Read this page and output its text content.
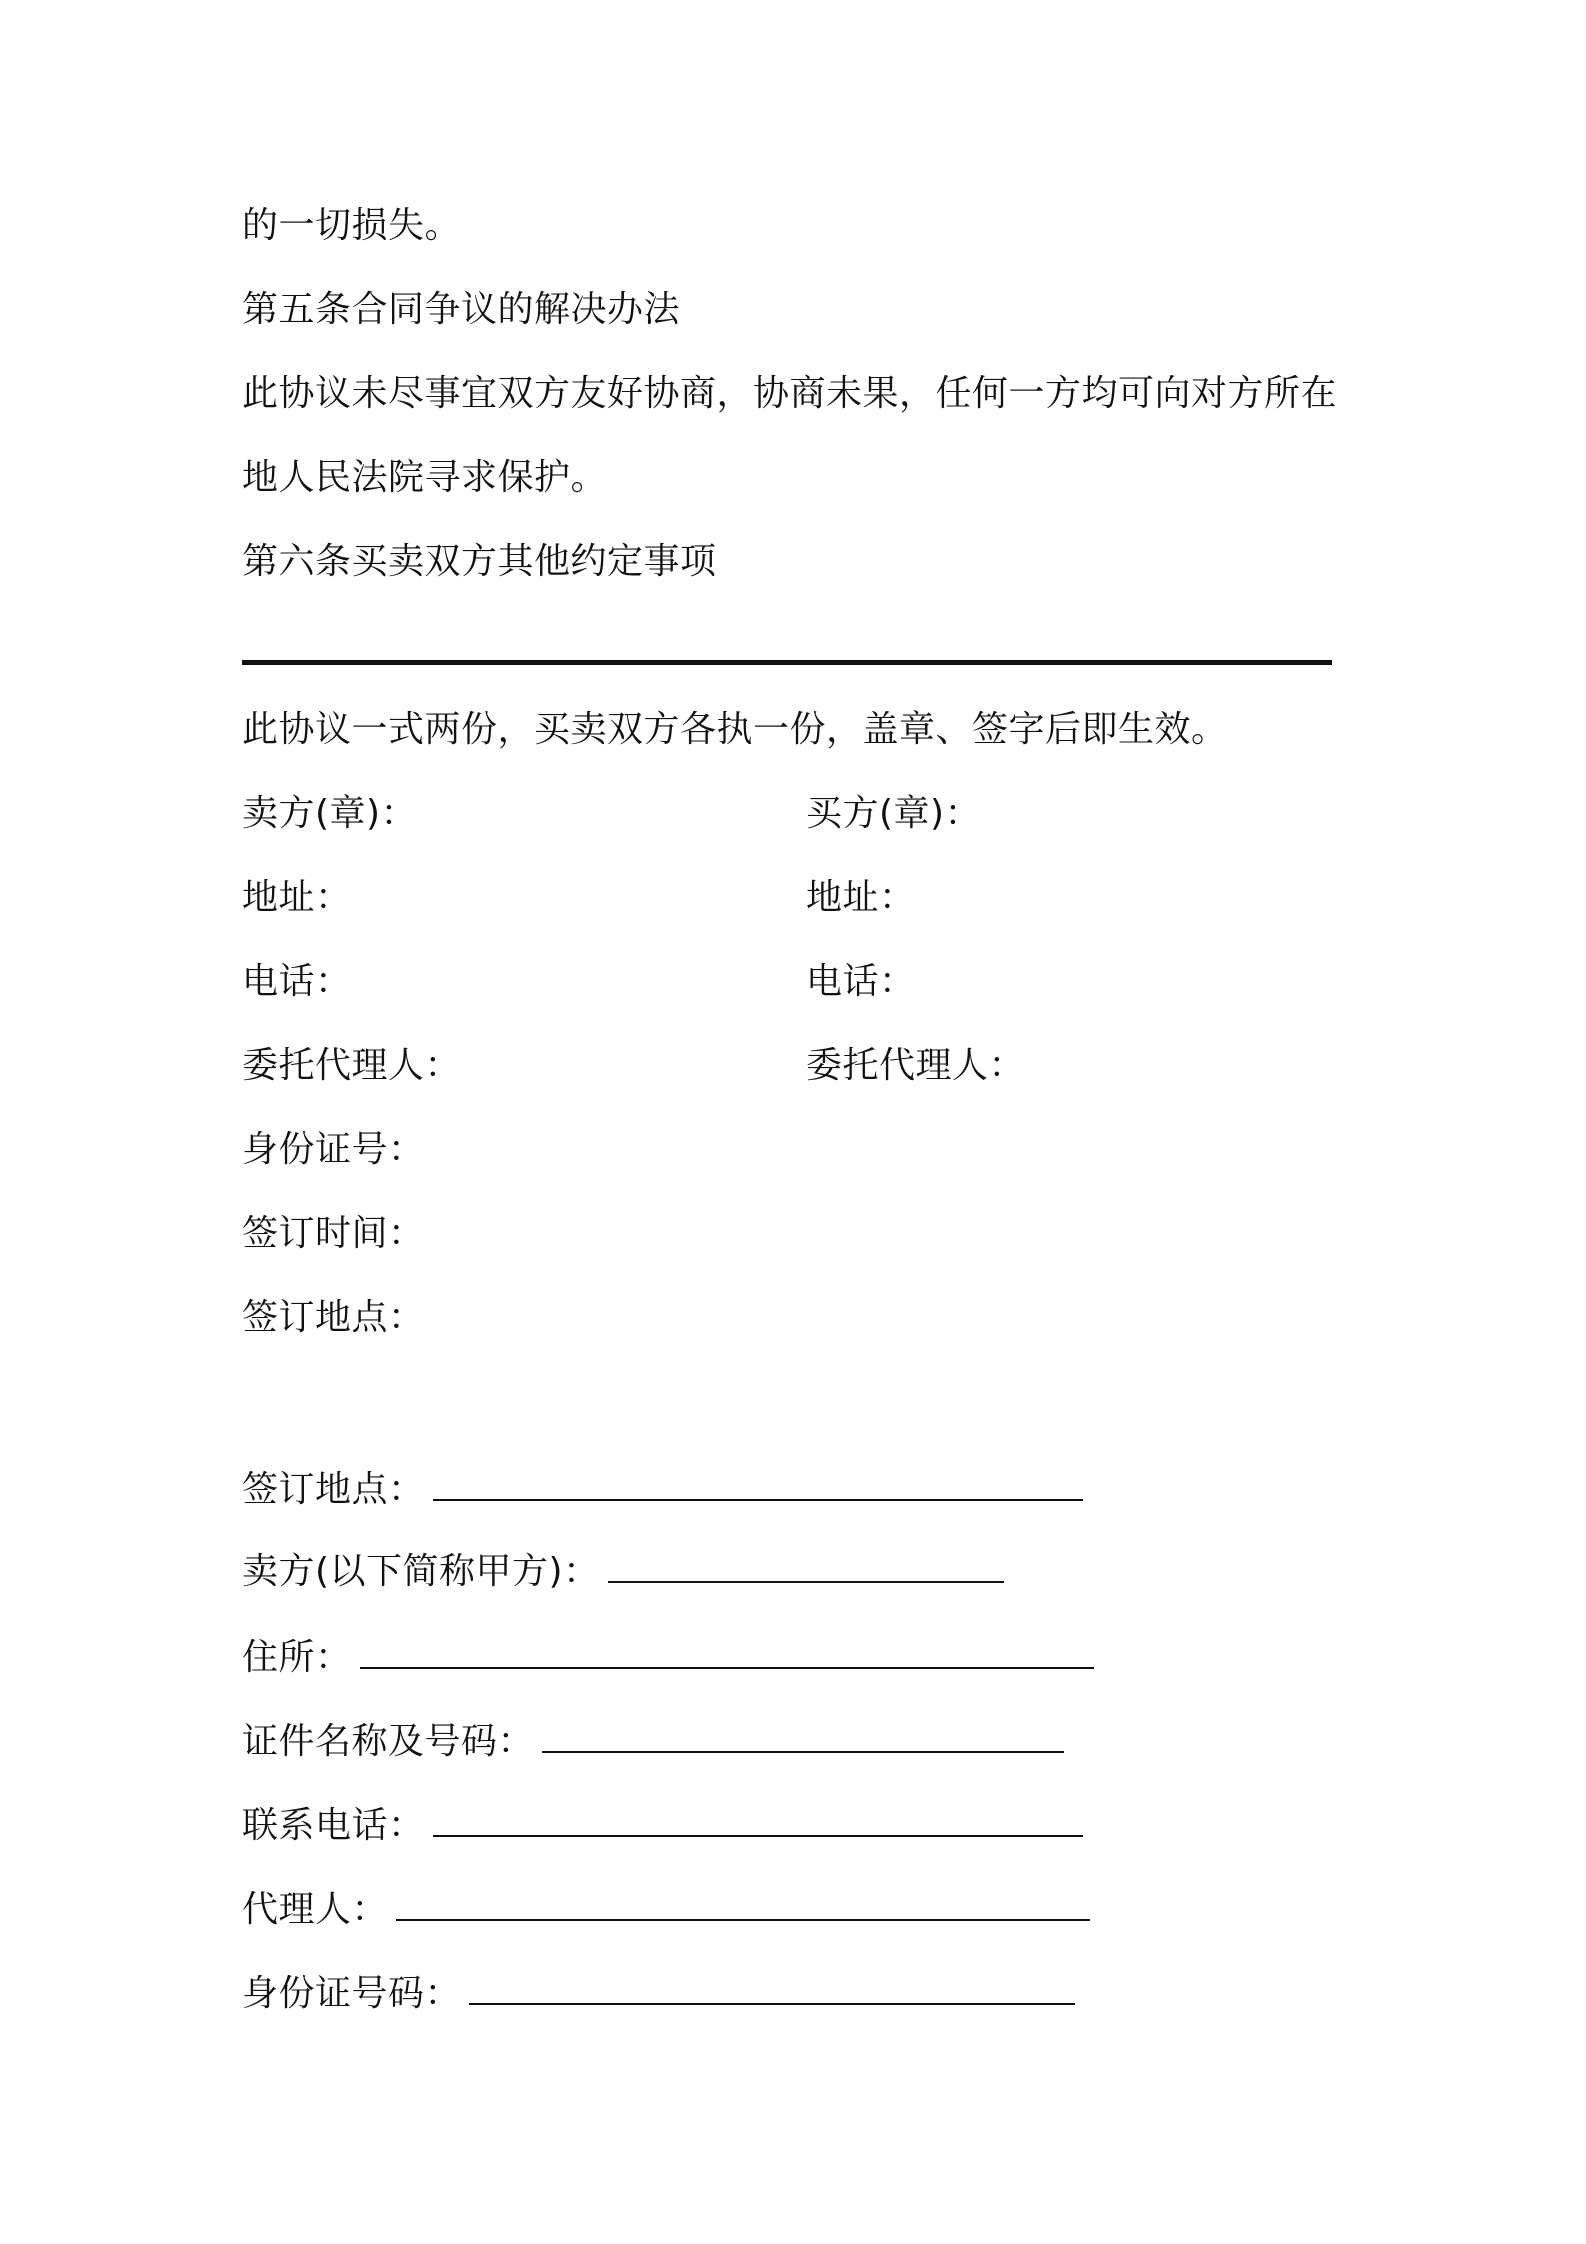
的一切损失。
第五条合同争议的解决办法
此协议未尽事宜双方友好协商，协商未果，任何一方均可向对方所在
地人民法院寻求保护。
第六条买卖双方其他约定事项
此协议一式两份，买卖双方各执一份，盖章、签字后即生效。
卖方(章)：	买方(章)：
地址：	地址：
电话：	电话：
委托代理人：	委托代理人：
身份证号：
签订时间：
签订地点：
签订地点：
卖方(以下简称甲方)：
住所：
证件名称及号码：
联系电话：
代理人：
身份证号码：
